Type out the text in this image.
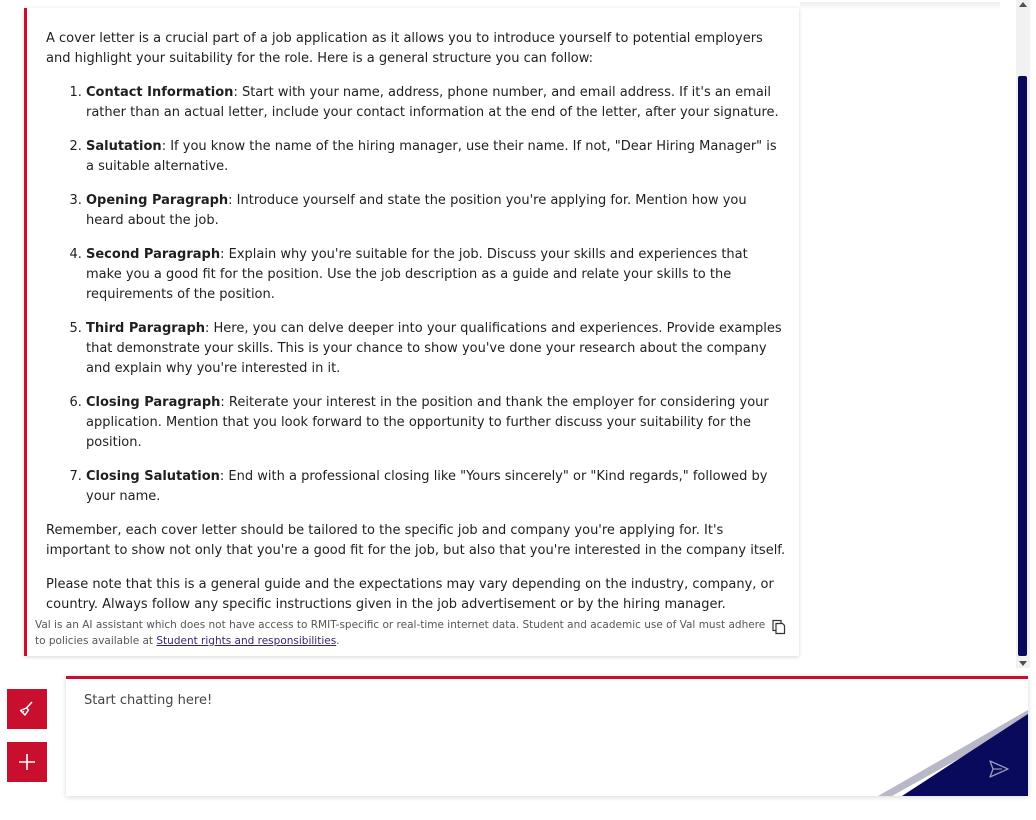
A cover letter is a crucial part of a job application as it allows you to introduce yourself to potential employers and highlight your suitability for the role. Here is a general structure you can follow:

1. Contact Information: Start with your name, address, phone number, and email address. If it's an email rather than an actual letter, include your contact information at the end of the letter, after your signature.
2. Salutation: If you know the name of the hiring manager, use their name. If not, "Dear Hiring Manager" is a suitable alternative.
3. Opening Paragraph: Introduce yourself and state the position you're applying for. Mention how you heard about the job.
4. Second Paragraph: Explain why you're suitable for the job. Discuss your skills and experiences that make you a good fit for the position. Use the job description as a guide and relate your skills to the requirements of the position.
5. Third Paragraph: Here, you can delve deeper into your qualifications and experiences. Provide examples that demonstrate your skills. This is your chance to show you've done your research about the company and explain why you're interested in it.
6. Closing Paragraph: Reiterate your interest in the position and thank the employer for considering your application. Mention that you look forward to the opportunity to further discuss your suitability for the position.
7. Closing Salutation: End with a professional closing like "Yours sincerely" or "Kind regards," followed by your name.

Remember, each cover letter should be tailored to the specific job and company you're applying for. It's important to show not only that you're a good fit for the job, but also that you're interested in the company itself.

Please note that this is a general guide and the expectations may vary depending on the industry, company, or country. Always follow any specific instructions given in the job advertisement or by the hiring manager.

Val is an AI assistant which does not have access to RMIT-specific or real-time internet data. Student and academic use of Val must adhere to policies available at Student rights and responsibilities.
Start chatting here!
